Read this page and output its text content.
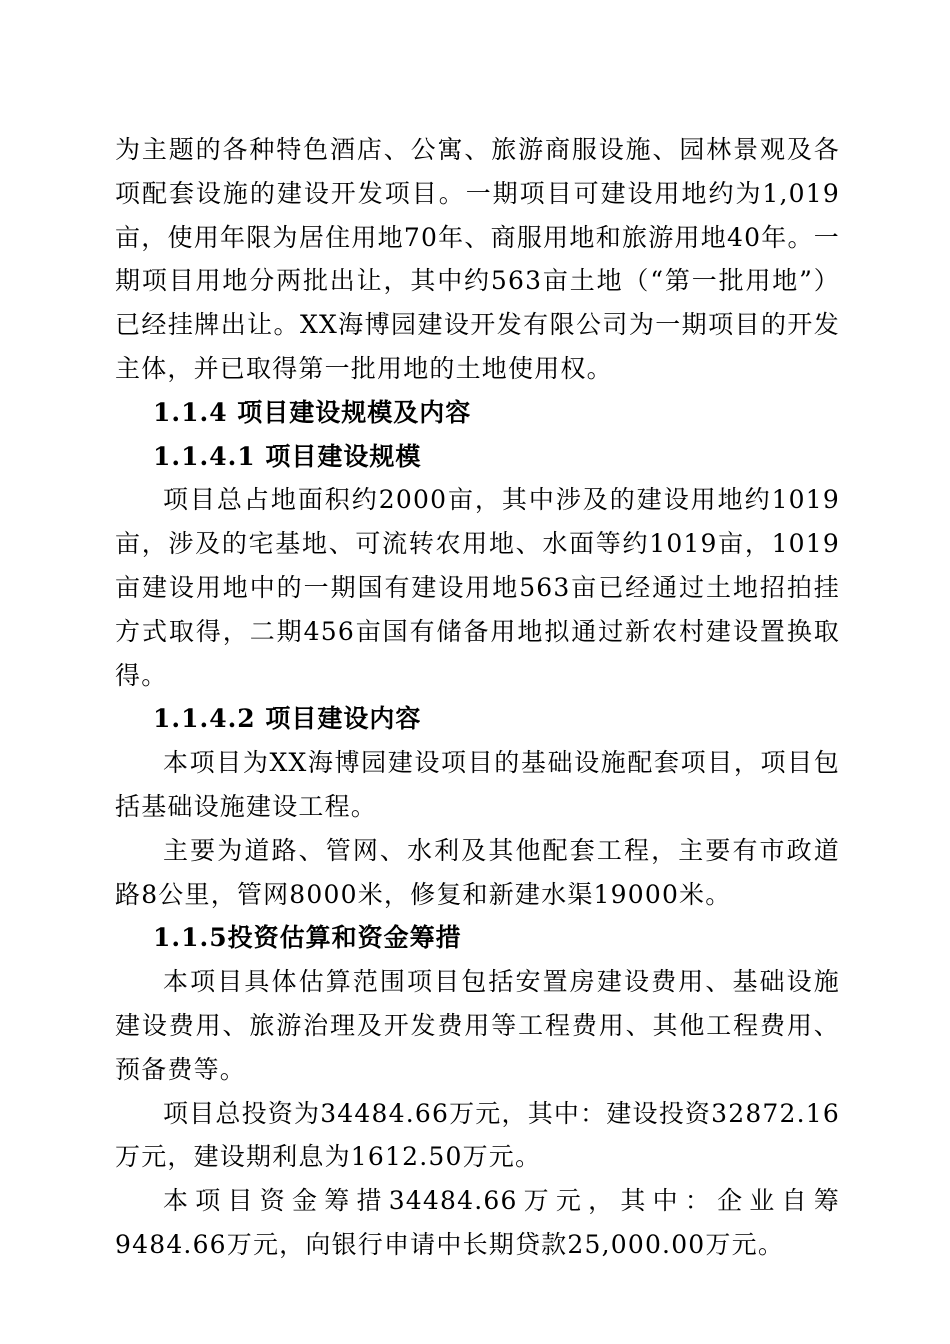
为主题的各种特色酒店、公寓、旅游商服设施、园林景观及各项配套设施的建设开发项目。一期项目可建设用地约为1,019亩，使用年限为居住用地70年、商服用地和旅游用地40年。一期项目用地分两批出让，其中约563亩土地（“第一批用地”）已经挂牌出让。XX海博园建设开发有限公司为一期项目的开发主体，并已取得第一批用地的土地使用权。

1.1.4 项目建设规模及内容

1.1.4.1 项目建设规模

项目总占地面积约2000亩，其中涉及的建设用地约1019亩，涉及的宅基地、可流转农用地、水面等约1019亩，1019亩建设用地中的一期国有建设用地563亩已经通过土地招拍挂方式取得，二期456亩国有储备用地拟通过新农村建设置换取得。

1.1.4.2 项目建设内容

本项目为XX海博园建设项目的基础设施配套项目，项目包括基础设施建设工程。

主要为道路、管网、水利及其他配套工程，主要有市政道路8公里，管网8000米，修复和新建水渠19000米。

1.1.5投资估算和资金筹措

本项目具体估算范围项目包括安置房建设费用、基础设施建设费用、旅游治理及开发费用等工程费用、其他工程费用、预备费等。

项目总投资为34484.66万元，其中：建设投资32872.16万元，建设期利息为1612.50万元。

本项目资金筹措34484.66万元，其中：企业自筹9484.66万元，向银行申请中长期贷款25,000.00万元。
